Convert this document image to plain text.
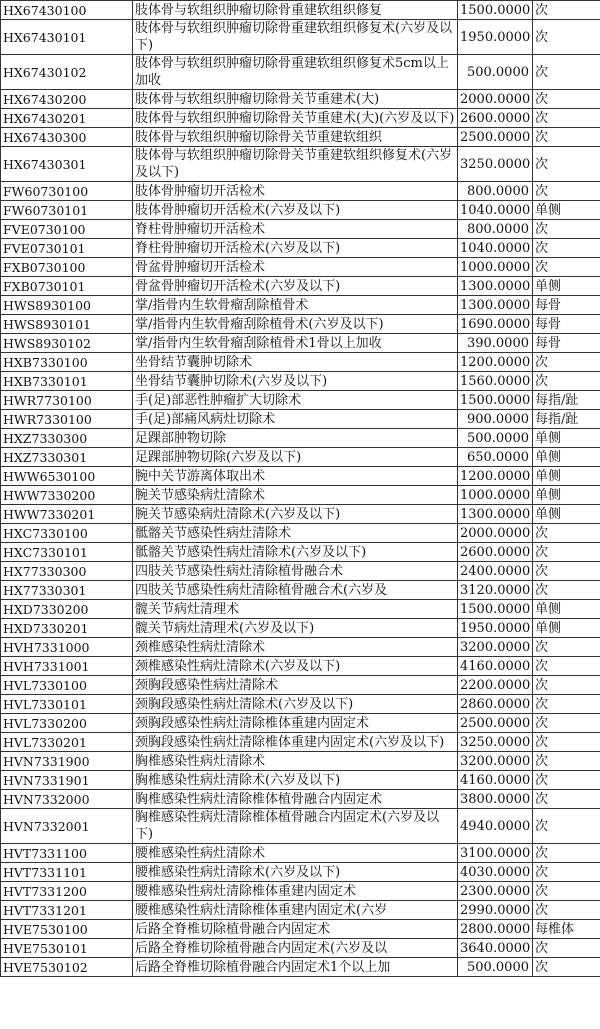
HX67430100	肢体骨与软组织肿瘤切除骨重建软组织修复	1500.0000	次
HX67430101	肢体骨与软组织肿瘤切除骨重建软组织修复术(六岁及以下)	1950.0000	次
HX67430102	肢体骨与软组织肿瘤切除骨重建软组织修复术5cm以上加收	500.0000	次
HX67430200	肢体骨与软组织肿瘤切除骨关节重建术(大)	2000.0000	次
HX67430201	肢体骨与软组织肿瘤切除骨关节重建术(大)(六岁及以下)	2600.0000	次
HX67430300	肢体骨与软组织肿瘤切除骨关节重建软组织	2500.0000	次
HX67430301	肢体骨与软组织肿瘤切除骨关节重建软组织修复术(六岁及以下)	3250.0000	次
FW60730100	肢体骨肿瘤切开活检术	800.0000	次
FW60730101	肢体骨肿瘤切开活检术(六岁及以下)	1040.0000	单侧
FVE0730100	脊柱骨肿瘤切开活检术	800.0000	次
FVE0730101	脊柱骨肿瘤切开活检术(六岁及以下)	1040.0000	次
FXB0730100	骨盆骨肿瘤切开活检术	1000.0000	次
FXB0730101	骨盆骨肿瘤切开活检术(六岁及以下)	1300.0000	单侧
HWS8930100	掌/指骨内生软骨瘤刮除植骨术	1300.0000	每骨
HWS8930101	掌/指骨内生软骨瘤刮除植骨术(六岁及以下)	1690.0000	每骨
HWS8930102	掌/指骨内生软骨瘤刮除植骨术1骨以上加收	390.0000	每骨
HXB7330100	坐骨结节囊肿切除术	1200.0000	次
HXB7330101	坐骨结节囊肿切除术(六岁及以下)	1560.0000	次
HWR7730100	手(足)部恶性肿瘤扩大切除术	1500.0000	每指/趾
HWR7330100	手(足)部痛风病灶切除术	900.0000	每指/趾
HXZ7330300	足踝部肿物切除	500.0000	单侧
HXZ7330301	足踝部肿物切除(六岁及以下)	650.0000	单侧
HWW6530100	腕中关节游离体取出术	1200.0000	单侧
HWW7330200	腕关节感染病灶清除术	1000.0000	单侧
HWW7330201	腕关节感染病灶清除术(六岁及以下)	1300.0000	单侧
HXC7330100	骶髂关节感染性病灶清除术	2000.0000	次
HXC7330101	骶髂关节感染性病灶清除术(六岁及以下)	2600.0000	次
HX77330300	四肢关节感染性病灶清除植骨融合术	2400.0000	次
HX77330301	四肢关节感染性病灶清除植骨融合术(六岁及	3120.0000	次
HXD7330200	髋关节病灶清理术	1500.0000	单侧
HXD7330201	髋关节病灶清理术(六岁及以下)	1950.0000	单侧
HVH7331000	颈椎感染性病灶清除术	3200.0000	次
HVH7331001	颈椎感染性病灶清除术(六岁及以下)	4160.0000	次
HVL7330100	颈胸段感染性病灶清除术	2200.0000	次
HVL7330101	颈胸段感染性病灶清除术(六岁及以下)	2860.0000	次
HVL7330200	颈胸段感染性病灶清除椎体重建内固定术	2500.0000	次
HVL7330201	颈胸段感染性病灶清除椎体重建内固定术(六岁及以下)	3250.0000	次
HVN7331900	胸椎感染性病灶清除术	3200.0000	次
HVN7331901	胸椎感染性病灶清除术(六岁及以下)	4160.0000	次
HVN7332000	胸椎感染性病灶清除椎体植骨融合内固定术	3800.0000	次
HVN7332001	胸椎感染性病灶清除椎体植骨融合内固定术(六岁及以下)	4940.0000	次
HVT7331100	腰椎感染性病灶清除术	3100.0000	次
HVT7331101	腰椎感染性病灶清除术(六岁及以下)	4030.0000	次
HVT7331200	腰椎感染性病灶清除椎体重建内固定术	2300.0000	次
HVT7331201	腰椎感染性病灶清除椎体重建内固定术(六岁	2990.0000	次
HVE7530100	后路全脊椎切除植骨融合内固定术	2800.0000	每椎体
HVE7530101	后路全脊椎切除植骨融合内固定术(六岁及以	3640.0000	次
HVE7530102	后路全脊椎切除植骨融合内固定术1个以上加	500.0000	次
